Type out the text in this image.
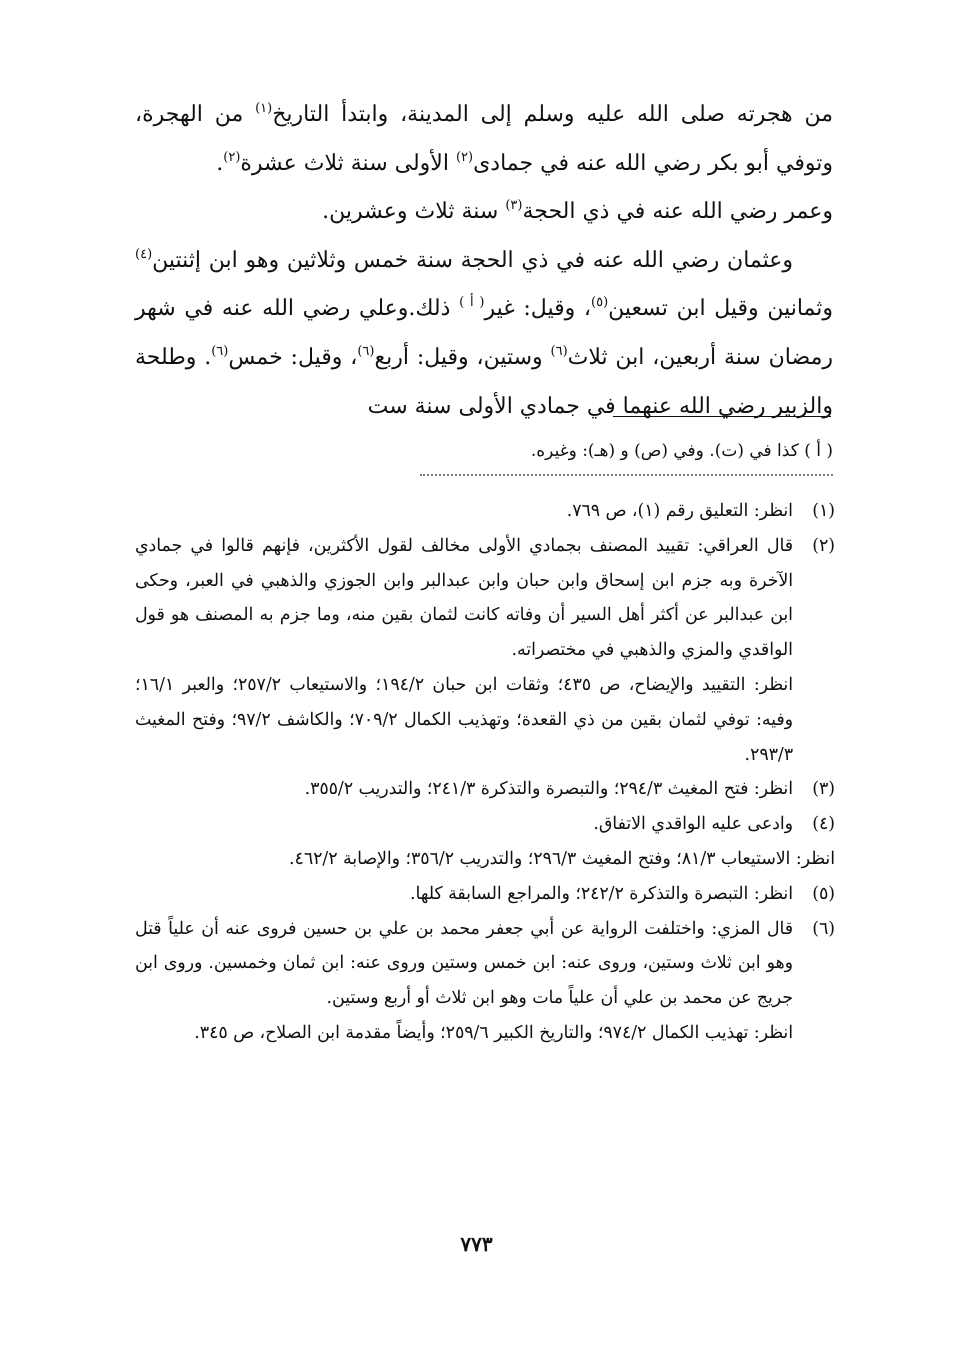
من هجرته صلى الله عليه وسلم إلى المدينة، وابتدأ التاريخ$^{(١)}$ من الهجرة، وتوفي أبو بكر رضي الله عنه في جمادى$^{(٢)}$ الأولى سنة ثلاث عشرة$^{(٢)}$.

وعمر رضي الله عنه في ذي الحجة$^{(٣)}$ سنة ثلاث وعشرين.

وعثمان رضي الله عنه في ذي الحجة سنة خمس وثلاثين وهو ابن إثنتين$^{(٤)}$ وثمانين وقيل ابن تسعين$^{(٥)}$، وقيل: غير$^{( أ )}$ ذلك.وعلي رضي الله عنه في شهر رمضان سنة أربعين، ابن ثلاث$^{(٦)}$ وستين، وقيل: أربع$^{(٦)}$، وقيل: خمس$^{(٦)}$. وطلحة والزبير رضي الله عنهما في جمادي الأولى سنة ست

( أ ) كذا في (ت). وفي (ص) و (هـ): وغيره.
(١)

انظر: التعليق رقم (١)، ص ٧٦٩.

(٢)

قال العراقي: تقييد المصنف بجمادي الأولى مخالف لقول الأكثرين، فإنهم قالوا في جمادي الآخرة وبه جزم ابن إسحاق وابن حبان وابن عبدالبر وابن الجوزي والذهبي في العبر، وحكى ابن عبدالبر عن أكثر أهل السير أن وفاته كانت لثمان بقين منه، وما جزم به المصنف هو قول الواقدي والمزي والذهبي في مختصراته.

انظر: التقييد والإيضاح، ص ٤٣٥؛ وثقات ابن حبان ١٩٤/٢؛ والاستيعاب ٢٥٧/٢؛ والعبر ١٦/١؛ وفيه: توفي لثمان بقين من ذي القعدة؛ وتهذيب الكمال ٧٠٩/٢؛ والكاشف ٩٧/٢؛ وفتح المغيث ٢٩٣/٣.

(٣)

انظر: فتح المغيث ٢٩٤/٣؛ والتبصرة والتذكرة ٢٤١/٣؛ والتدريب ٣٥٥/٢.

(٤)

وادعى عليه الواقدي الاتفاق.

انظر: الاستيعاب ٨١/٣؛ وفتح المغيث ٢٩٦/٣؛ والتدريب ٣٥٦/٢؛ والإصابة ٤٦٢/٢.

(٥)

انظر: التبصرة والتذكرة ٢٤٢/٢؛ والمراجع السابقة كلها.

(٦)

قال المزي: واختلفت الرواية عن أبي جعفر محمد بن علي بن حسين فروى عنه أن علياً قتل وهو ابن ثلاث وستين، وروى عنه: ابن خمس وستين وروى عنه: ابن ثمان وخمسين. وروى ابن جريج عن محمد بن علي أن علياً مات وهو ابن ثلاث أو أربع وستين.

انظر: تهذيب الكمال ٩٧٤/٢؛ والتاريخ الكبير ٢٥٩/٦؛ وأيضاً مقدمة ابن الصلاح، ص ٣٤٥.

٧٧٣
